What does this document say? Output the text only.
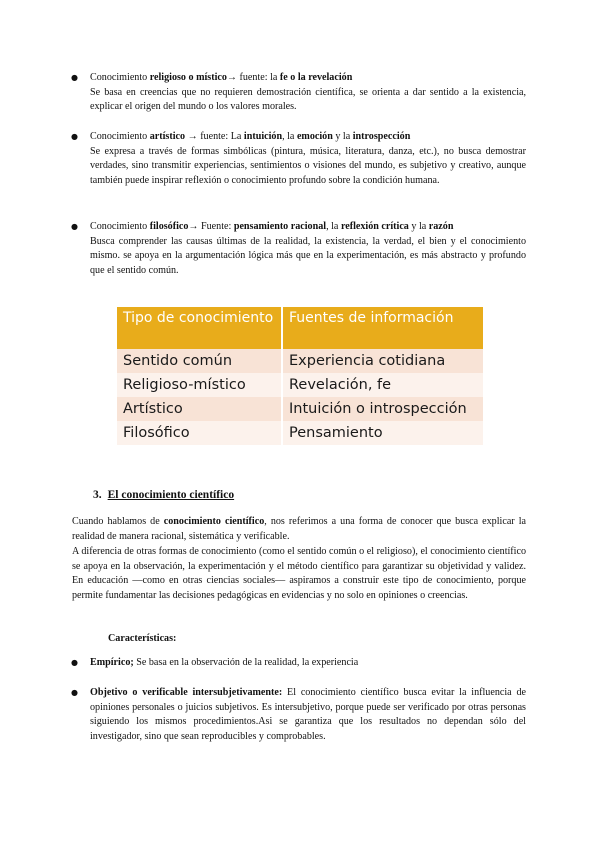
● Conocimiento religioso o místico→ fuente: la fe o la revelación

Se basa en creencias que no requieren demostración científica, se orienta a dar sentido a la existencia, explicar el origen del mundo o los valores morales.

● Conocimiento artístico → fuente: La intuición, la emoción y la introspección

Se expresa a través de formas simbólicas (pintura, música, literatura, danza, etc.), no busca demostrar verdades, sino transmitir experiencias, sentimientos o visiones del mundo, es subjetivo y creativo, aunque también puede inspirar reflexión o conocimiento profundo sobre la condición humana.

● Conocimiento filosófico→ Fuente: pensamiento racional, la reflexión crítica y la razón

Busca comprender las causas últimas de la realidad, la existencia, la verdad, el bien y el conocimiento mismo. se apoya en la argumentación lógica más que en la experimentación, es más abstracto y profundo que el sentido común.

Tipo de conocimiento	Fuentes de información
Sentido común	Experiencia cotidiana
Religioso-místico	Revelación, fe
Artístico	Intuición o introspección
Filosófico	Pensamiento
3. El conocimiento científico

Cuando hablamos de conocimiento científico, nos referimos a una forma de conocer que busca explicar la realidad de manera racional, sistemática y verificable.

A diferencia de otras formas de conocimiento (como el sentido común o el religioso), el conocimiento científico se apoya en la observación, la experimentación y el método científico para garantizar su objetividad y validez. En educación —como en otras ciencias sociales— aspiramos a construir este tipo de conocimiento, porque permite fundamentar las decisiones pedagógicas en evidencias y no solo en opiniones o creencias.

Características:
● Empírico; Se basa en la observación de la realidad, la experiencia

● Objetivo o verificable intersubjetivamente: El conocimiento científico busca evitar la influencia de opiniones personales o juicios subjetivos. Es intersubjetivo, porque puede ser verificado por otras personas siguiendo los mismos procedimientos.Asi se garantiza que los resultados no dependan sólo del investigador, sino que sean reproducibles y comprobables.
